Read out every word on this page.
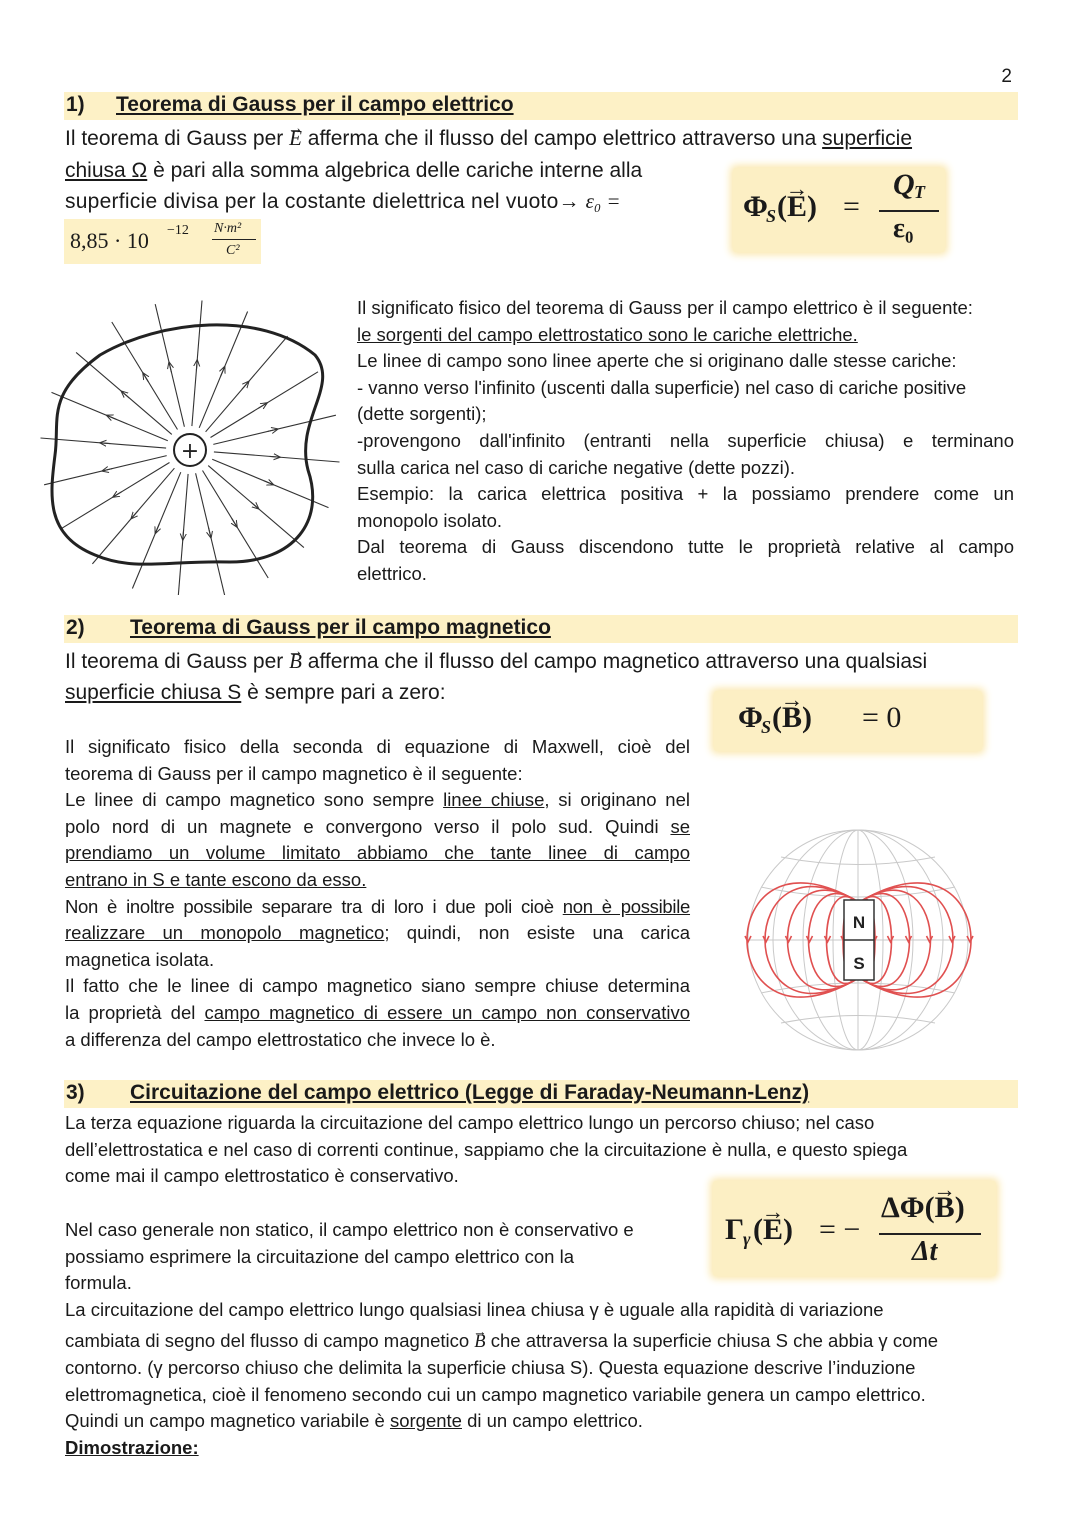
2
1) Teorema di Gauss per il campo elettrico
Il teorema di Gauss per → E afferma che il flusso del campo elettrico attraverso una superficie
chiusa Ω è pari alla somma algebrica delle cariche interne alla
superficie divisa per la costante dielettrica nel vuoto→ ε₀ =
8,85 · 10 −12 N·m²
C²
Φ
S (→ E) =
Q T
ε₀
+
Il significato fisico del teorema di Gauss per il campo elettrico è il seguente:
le sorgenti del campo elettrostatico sono le cariche elettriche.
Le linee di campo sono linee aperte che si originano dalle stesse cariche:
- vanno verso l'infinito (uscenti dalla superficie) nel caso di cariche positive
(dette sorgenti);
-provengono dall'infinito (entranti nella superficie chiusa) e terminano
sulla carica nel caso di cariche negative (dette pozzi).
Esempio: la carica elettrica positiva + la possiamo prendere come un
monopolo isolato.
Dal teorema di Gauss discendono tutte le proprietà relative al campo
elettrico.
2) Teorema di Gauss per il campo magnetico
Il teorema di Gauss per → B afferma che il flusso del campo magnetico attraverso una qualsiasi
superficie chiusa S è sempre pari a zero:
Φ
S (→ B) = 0
Il significato fisico della seconda di equazione di Maxwell, cioè del
teorema di Gauss per il campo magnetico è il seguente:
Le linee di campo magnetico sono sempre linee chiuse, si originano nel
polo nord di un magnete e convergono verso il polo sud. Quindi se
prendiamo un volume limitato abbiamo che tante linee di campo
entrano in S e tante escono da esso.
Non è inoltre possibile separare tra di loro i due poli cioè non è possibile
realizzare un monopolo magnetico; quindi, non esiste una carica
magnetica isolata.
Il fatto che le linee di campo magnetico siano sempre chiuse determina
la proprietà del campo magnetico di essere un campo non conservativo
a differenza del campo elettrostatico che invece lo è.
N
S
3) Circuitazione del campo elettrico (Legge di Faraday-Neumann-Lenz)
La terza equazione riguarda la circuitazione del campo elettrico lungo un percorso chiuso; nel caso
dell’elettrostatica e nel caso di correnti continue, sappiamo che la circuitazione è nulla, e questo spiega
come mai il campo elettrostatico è conservativo.
Nel caso generale non statico, il campo elettrico non è conservativo e
possiamo esprimere la circuitazione del campo elettrico con la
formula.
Γ
γ (→ E) = −
ΔΦ(→ B)
Δt
La circuitazione del campo elettrico lungo qualsiasi linea chiusa γ è uguale alla rapidità di variazione
cambiata di segno del flusso di campo magnetico → B che attraversa la superficie chiusa S che abbia γ come
contorno. (γ percorso chiuso che delimita la superficie chiusa S). Questa equazione descrive l’induzione
elettromagnetica, cioè il fenomeno secondo cui un campo magnetico variabile genera un campo elettrico.
Quindi un campo magnetico variabile è sorgente di un campo elettrico.
Dimostrazione:
